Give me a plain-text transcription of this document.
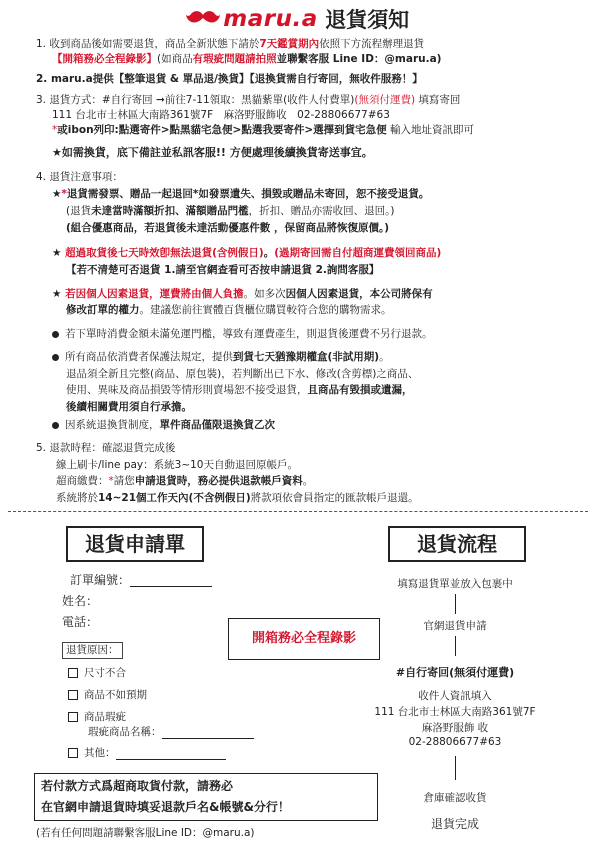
maru.a 退貨須知
1. 收到商品後如需要退貨，商品全新狀態下請於7天鑑賞期內依照下方流程辦理退貨
【開箱務必全程錄影】(如商品有瑕疵問題請拍照並聯繫客服 Line ID：@maru.a)
2. maru.a提供【整筆退貨 & 單品退/換貨】【退換貨需自行寄回，無收件服務！】
3. 退貨方式：#自行寄回 ➞前往7-11領取：黑貓紫單(收件人付費單)(無須付運費) 填寫寄回
111 台北市士林區大南路361號7F　麻洛野服飾收　02-28806677#63
*或ibon列印:點選寄件>點黑貓宅急便>點選我要寄件>選擇到貨宅急便 輸入地址資訊即可
★如需換貨，底下備註並私訊客服!! 方便處理後續換貨寄送事宜。
4. 退貨注意事項：
★*退貨需發票、贈品一起退回*如發票遺失、損毀或贈品未寄回，恕不接受退貨。
(退貨未達當時滿額折扣、滿額贈品門檻，折扣、贈品亦需收回、退回。)
(組合優惠商品，若退貨後未達活動優惠件數 ，保留商品將恢復原價。)
★ 超過取貨後七天時效卽無法退貨(含例假日)。(過期寄回需自付超商運費領回商品)
【若不清楚可否退貨 1.請至官網查看可否按申請退貨 2.詢問客服】
★ 若因個人因素退貨，運費將由個人負擔。如多次因個人因素退貨，本公司將保有
修改訂單的權力。建議您前往實體百貨櫃位購買較符合您的購物需求。
若下單時消費金額未滿免運門檻，導致有運費產生，則退貨後運費不另行退款。
所有商品依消費者保護法規定，提供到貨七天猶豫期權盒(非試用期)。
退品須全新且完整(商品、原包裝)，若判斷出已下水、修改(含剪標)之商品、
使用、異味及商品損毀等情形則賣場恕不接受退貨，且商品有毀損或遺漏，
後續相關費用須自行承擔。
因系統退換貨制度，單件商品僅限退換貨乙次
5. 退款時程：確認退貨完成後
線上刷卡/line pay：系統3~10天自動退回原帳戶。
超商繳費：*請您申請退貨時，務必提供退款帳戶資料。
系統將於14~21個工作天內(不含例假日)將款項依會員指定的匯款帳戶退還。
退貨申請單
訂單編號：
姓名：
電話：
開箱務必全程錄影
退貨原因：
尺寸不合
商品不如預期
商品瑕疵
瑕疵商品名稱：
其他：
若付款方式爲超商取貨付款，請務必
在官網申請退貨時填妥退款戶名&帳號&分行！
(若有任何問題請聯繫客服Line ID：@maru.a)
退貨流程
填寫退貨單並放入包裹中
官網退貨申請
#自行寄回(無須付運費)
收件人資訊填入
111 台北市士林區大南路361號7F
麻洛野服飾 收
02-28806677#63
倉庫確認收貨
退貨完成
